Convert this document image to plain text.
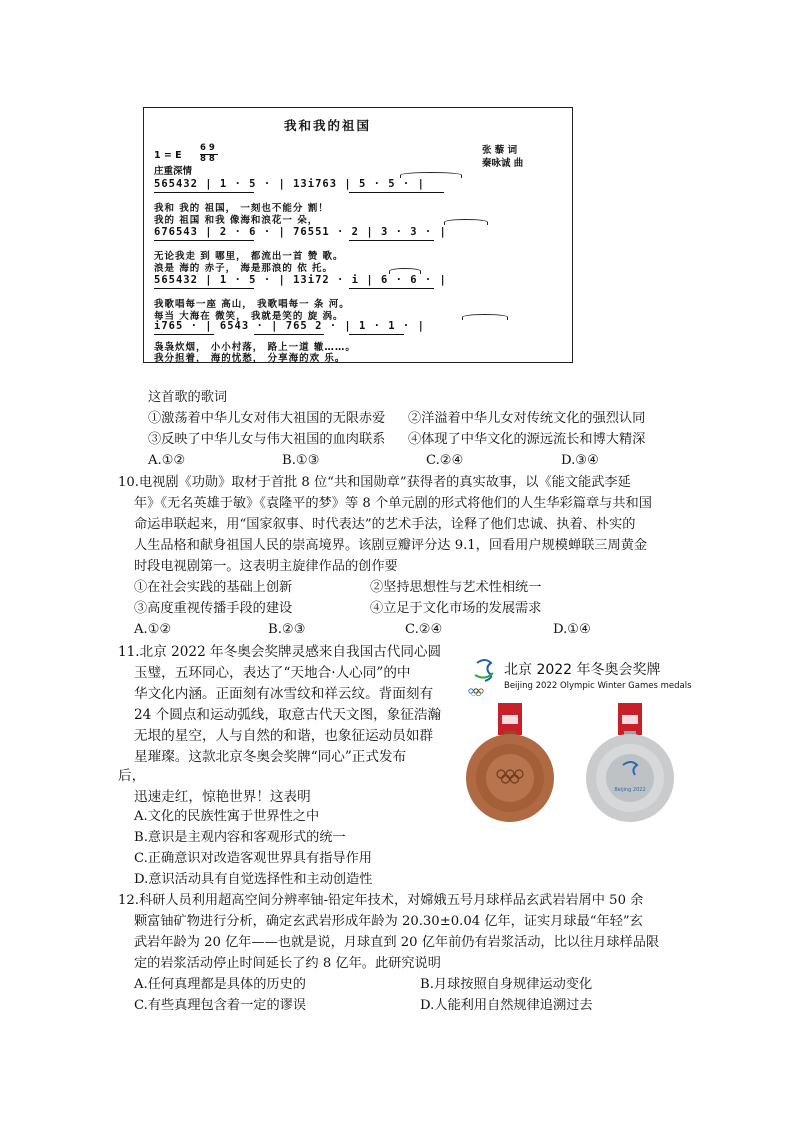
我和我的祖国
1 = E
6 9
8 8
庄重深情
张 藜 词
秦咏诚 曲
565432 | 1 · 5 · | 13i763 | 5 · 5 · |
我和 我的 祖国， 一刻也不能分 割！
我的 祖国 和我 像海和浪花一 朵，
676543 | 2 · 6 · | 76551 · 2 | 3 · 3 · |
无论我走 到 哪里， 都流出一首 赞 歌。
浪是 海的 赤子， 海是那浪的 依 托。
565432 | 1 · 5 · | 13i72 · i | 6 · 6 · |
我歌唱每一座 高山， 我歌唱每一 条 河。
每当 大海在 微笑， 我就是笑的 旋 涡。
i765 · | 6543 · | 765 2 · | 1 · 1 · |
袅袅炊烟， 小小村落， 路上一道 辙……。
我分担着， 海的忧愁， 分享海的欢 乐。
这首歌的歌词
①激荡着中华儿女对伟大祖国的无限赤爱 ②洋溢着中华儿女对传统文化的强烈认同
③反映了中华儿女与伟大祖国的血肉联系 ④体现了中华文化的源远流长和博大精深
A.①②	B.①③	C.②④	D.③④
10.电视剧《功勋》取材于首批 8 位“共和国勋章”获得者的真实故事，以《能文能武李延
年》《无名英雄于敏》《袁隆平的梦》等 8 个单元剧的形式将他们的人生华彩篇章与共和国
命运串联起来，用“国家叙事、时代表达”的艺术手法，诠释了他们忠诚、执着、朴实的
人生品格和献身祖国人民的崇高境界。该剧豆瓣评分达 9.1，回看用户规模蝉联三周黄金
时段电视剧第一。这表明主旋律作品的创作要
①在社会实践的基础上创新	②坚持思想性与艺术性相统一
③高度重视传播手段的建设	④立足于文化市场的发展需求
A.①②	B.②③	C.②④	D.①④
11.北京 2022 年冬奥会奖牌灵感来自我国古代同心圆
玉璧，五环同心，表达了“天地合·人心同”的中
华文化内涵。正面刻有冰雪纹和祥云纹。背面刻有
24 个圆点和运动弧线，取意古代天文图，象征浩瀚
无垠的星空，人与自然的和谐，也象征运动员如群
星璀璨。这款北京冬奥会奖牌“同心”正式发布
后，
迅速走红，惊艳世界！这表明
A.文化的民族性寓于世界性之中
B.意识是主观内容和客观形式的统一
C.正确意识对改造客观世界具有指导作用
D.意识活动具有自觉选择性和主动创造性
Beijing 2022
北京 2022 年冬奥会奖牌
Beijing 2022 Olympic Winter Games medals
12.科研人员利用超高空间分辨率铀-铅定年技术，对嫦娥五号月球样品玄武岩岩屑中 50 余
颗富铀矿物进行分析，确定玄武岩形成年龄为 20.30±0.04 亿年，证实月球最“年轻”玄
武岩年龄为 20 亿年——也就是说，月球直到 20 亿年前仍有岩浆活动，比以往月球样品限
定的岩浆活动停止时间延长了约 8 亿年。此研究说明
A.任何真理都是具体的历史的	B.月球按照自身规律运动变化
C.有些真理包含着一定的谬误	D.人能利用自然规律追溯过去
